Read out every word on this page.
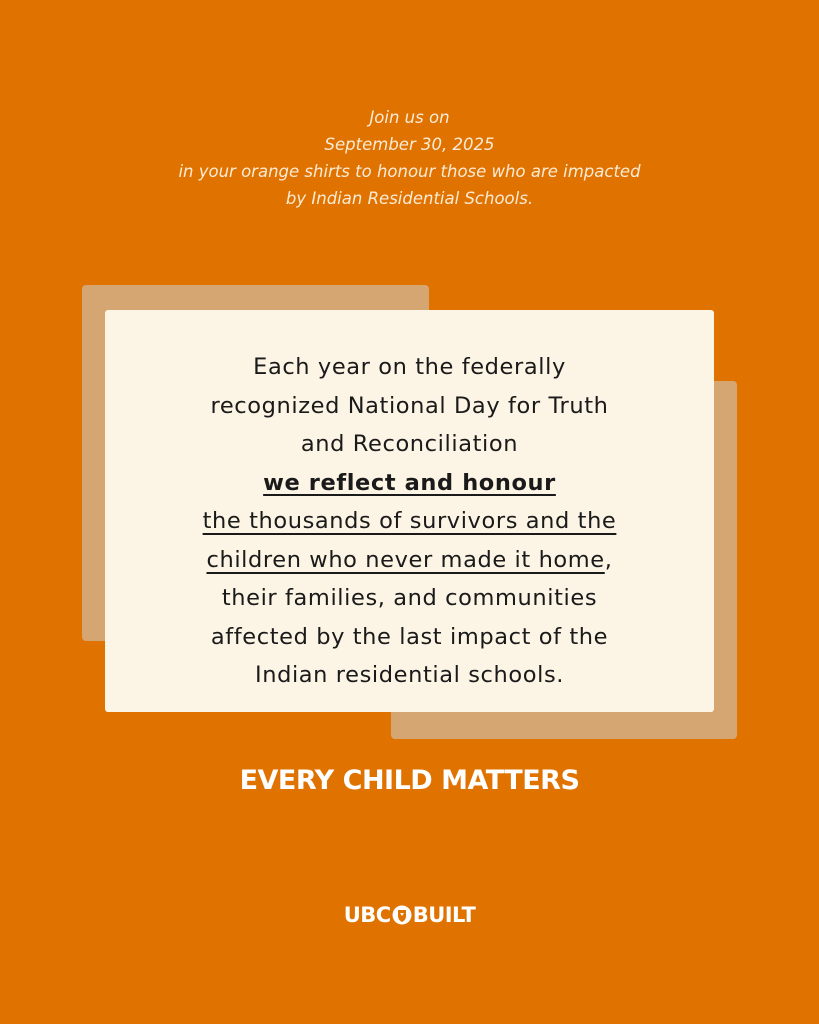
Join us on
September 30, 2025
in your orange shirts to honour those who are impacted
by Indian Residential Schools.
Each year on the federally
recognized National Day for Truth
and Reconciliation
we reflect and honour
the thousands of survivors and the
children who never made it home,
their families, and communities
affected by the last impact of the
Indian residential schools.
EVERY CHILD MATTERS
UBC BUILT
